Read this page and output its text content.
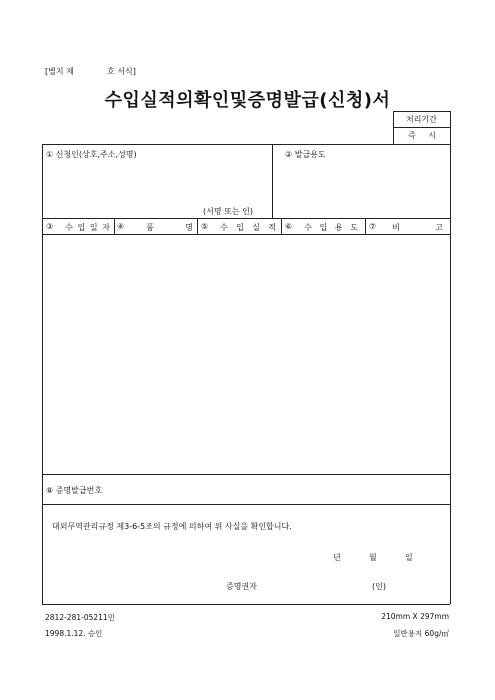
[별지 제	호 서식]
수입실적의확인및증명발급(신청)서
처리기간
즉 시
① 신청인(상호,주소,성명)
(서명 또는 인)
② 발급용도
③ 수 입 일 자 ④	품	명 ⑤ 수 입 실 적 ⑥ 수 입 용 도 ⑦ 비	고
⑧ 증명발급번호
대외무역관리규정 제3-6-5조의 규정에 의하여 위 사실을 확인합니다.
년	월	일
증명권자	(인)
2812-281-05211민
1998.1.12. 승인
210mm X 297mm
일반용지 60g/㎡
